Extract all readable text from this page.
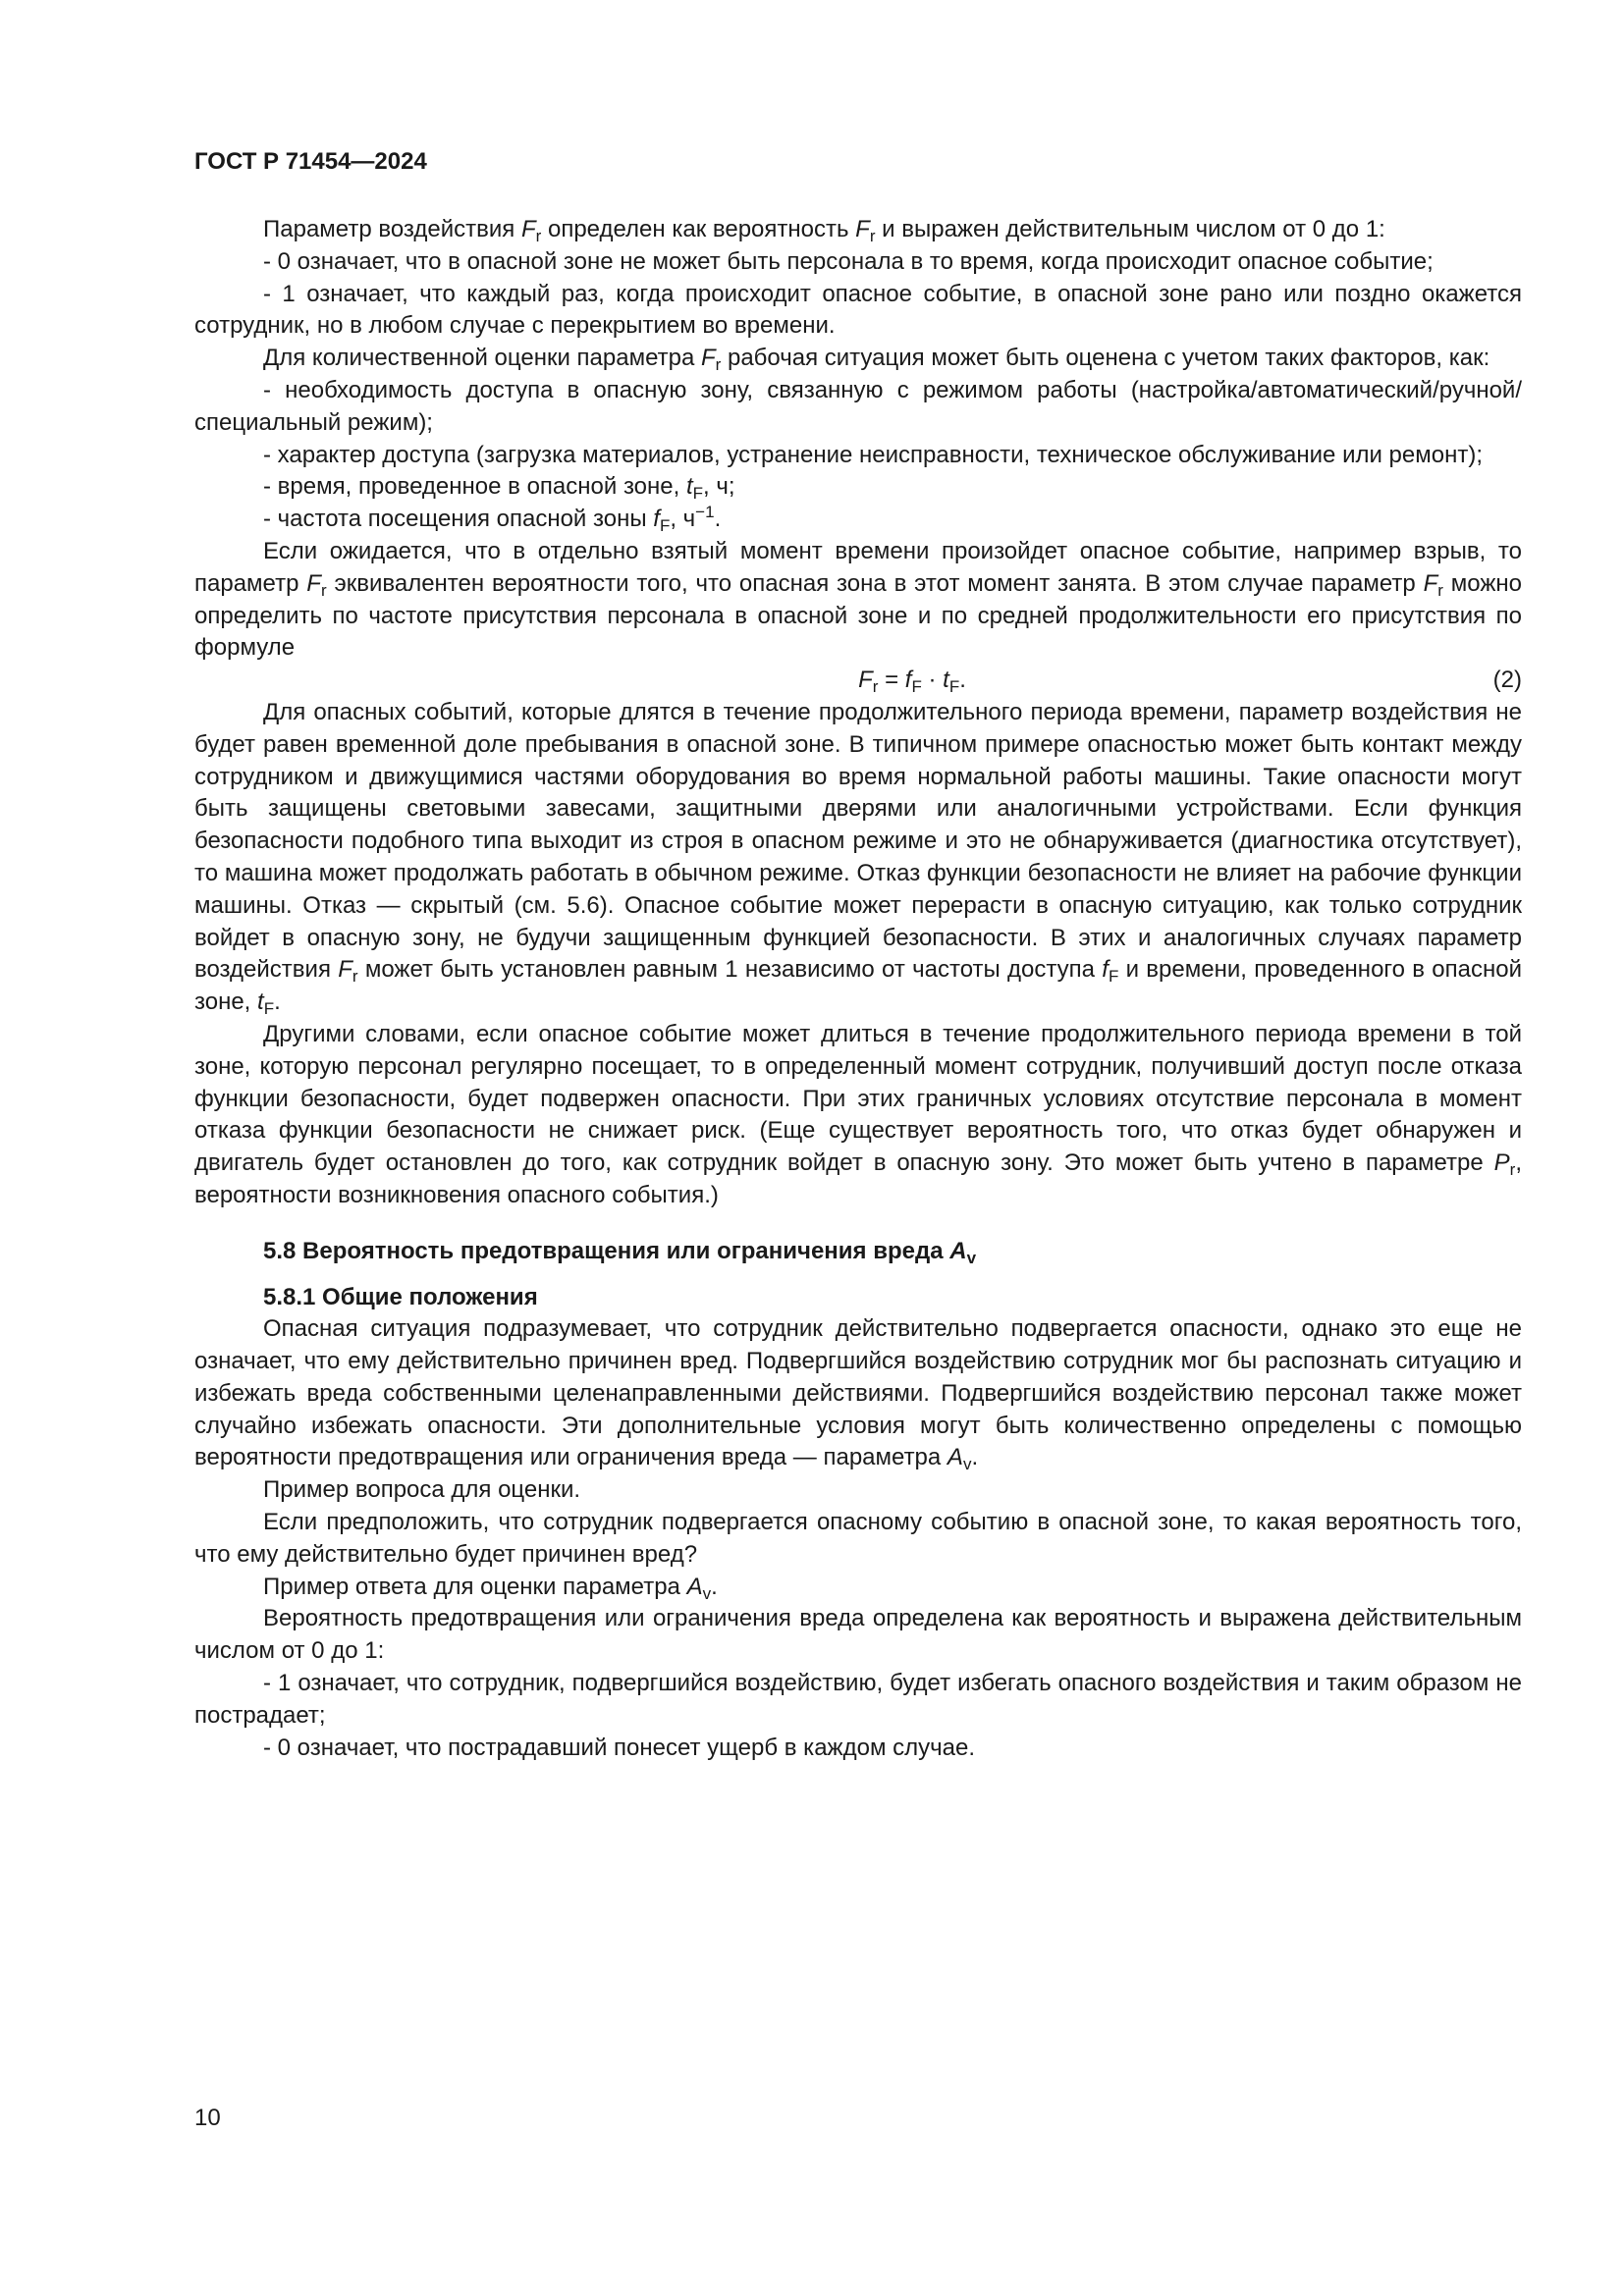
ГОСТ Р 71454—2024

Параметр воздействия $F_r$ определен как вероятность $F_r$ и выражен действительным числом от 0 до 1:

- 0 означает, что в опасной зоне не может быть персонала в то время, когда происходит опасное событие;

- 1 означает, что каждый раз, когда происходит опасное событие, в опасной зоне рано или поздно окажется сотрудник, но в любом случае с перекрытием во времени.

Для количественной оценки параметра $F_r$ рабочая ситуация может быть оценена с учетом таких факторов, как:

- необходимость доступа в опасную зону, связанную с режимом работы (настройка/автоматический/ручной/специальный режим);

- характер доступа (загрузка материалов, устранение неисправности, техническое обслуживание или ремонт);

- время, проведенное в опасной зоне, $t_F$, ч;

- частота посещения опасной зоны $f_F$, $ч^{-1}$.

Если ожидается, что в отдельно взятый момент времени произойдет опасное событие, например взрыв, то параметр $F_r$ эквивалентен вероятности того, что опасная зона в этот момент занята. В этом случае параметр $F_r$ можно определить по частоте присутствия персонала в опасной зоне и по средней продолжительности его присутствия по формуле

$F_r = f_F \cdot t_F$.	(2)

Для опасных событий, которые длятся в течение продолжительного периода времени, параметр воздействия не будет равен временной доле пребывания в опасной зоне. В типичном примере опасностью может быть контакт между сотрудником и движущимися частями оборудования во время нормальной работы машины. Такие опасности могут быть защищены световыми завесами, защитными дверями или аналогичными устройствами. Если функция безопасности подобного типа выходит из строя в опасном режиме и это не обнаруживается (диагностика отсутствует), то машина может продолжать работать в обычном режиме. Отказ функции безопасности не влияет на рабочие функции машины. Отказ — скрытый (см. 5.6). Опасное событие может перерасти в опасную ситуацию, как только сотрудник войдет в опасную зону, не будучи защищенным функцией безопасности. В этих и аналогичных случаях параметр воздействия $F_r$ может быть установлен равным 1 независимо от частоты доступа $f_F$ и времени, проведенного в опасной зоне, $t_F$.

Другими словами, если опасное событие может длиться в течение продолжительного периода времени в той зоне, которую персонал регулярно посещает, то в определенный момент сотрудник, получивший доступ после отказа функции безопасности, будет подвержен опасности. При этих граничных условиях отсутствие персонала в момент отказа функции безопасности не снижает риск. (Еще существует вероятность того, что отказ будет обнаружен и двигатель будет остановлен до того, как сотрудник войдет в опасную зону. Это может быть учтено в параметре $P_r$, вероятности возникновения опасного события.)

5.8 Вероятность предотвращения или ограничения вреда $A_v$

5.8.1 Общие положения

Опасная ситуация подразумевает, что сотрудник действительно подвергается опасности, однако это еще не означает, что ему действительно причинен вред. Подвергшийся воздействию сотрудник мог бы распознать ситуацию и избежать вреда собственными целенаправленными действиями. Подвергшийся воздействию персонал также может случайно избежать опасности. Эти дополнительные условия могут быть количественно определены с помощью вероятности предотвращения или ограничения вреда — параметра $A_v$.

Пример вопроса для оценки.

Если предположить, что сотрудник подвергается опасному событию в опасной зоне, то какая вероятность того, что ему действительно будет причинен вред?

Пример ответа для оценки параметра $A_v$.

Вероятность предотвращения или ограничения вреда определена как вероятность и выражена действительным числом от 0 до 1:

- 1 означает, что сотрудник, подвергшийся воздействию, будет избегать опасного воздействия и таким образом не пострадает;

- 0 означает, что пострадавший понесет ущерб в каждом случае.

10
